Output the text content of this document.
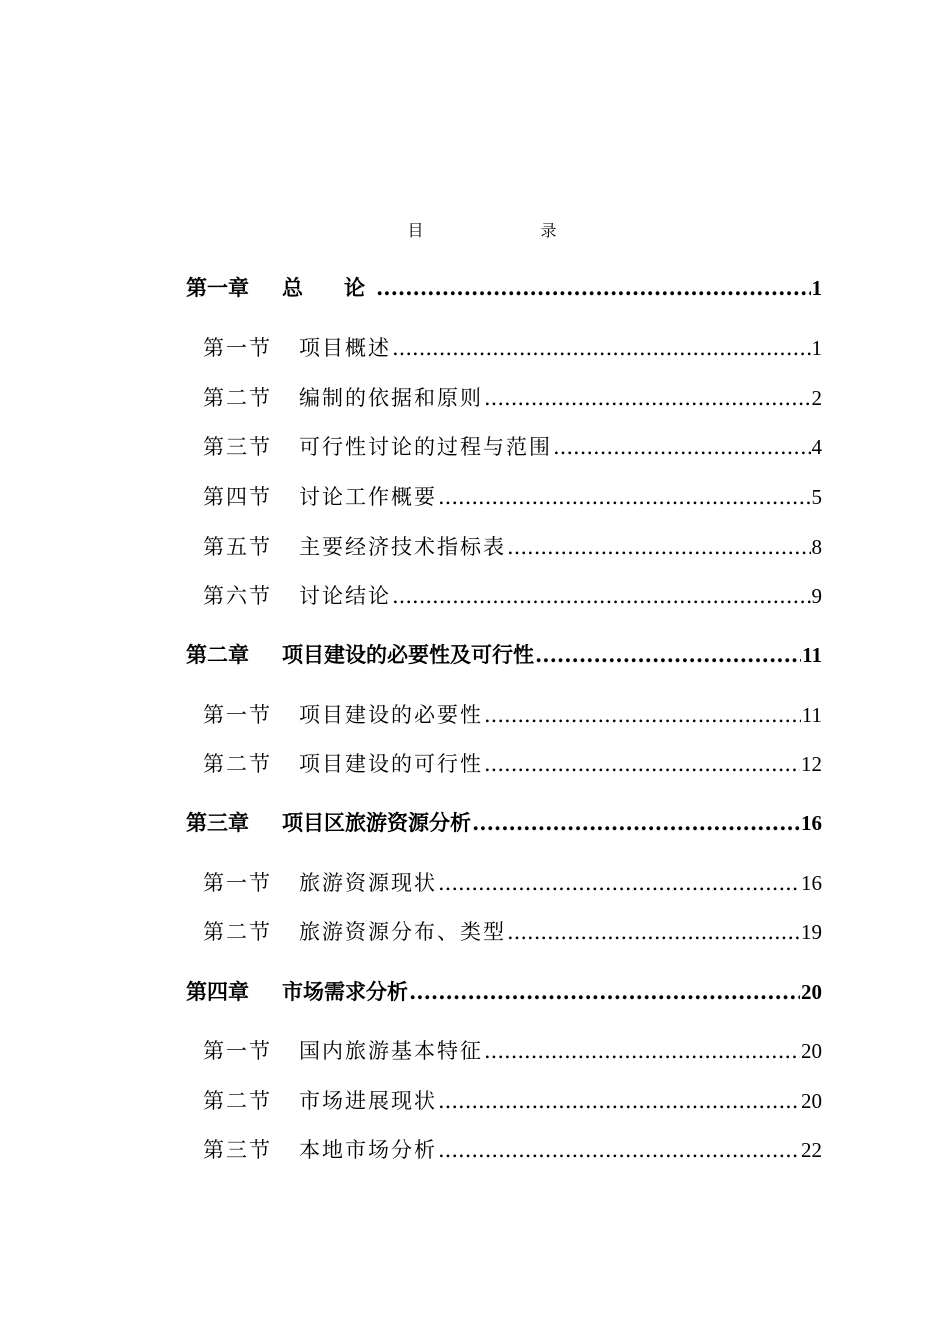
目 录
第一章	总　论 .....	1
第一节	项目概述 .....	1
第二节	编制的依据和原则 .....	2
第三节	可行性讨论的过程与范围 .....	4
第四节	讨论工作概要 .....	5
第五节	主要经济技术指标表 .....	8
第六节	讨论结论 .....	9
第二章	项目建设的必要性及可行性 .....	11
第一节	项目建设的必要性 .....	11
第二节	项目建设的可行性 .....	12
第三章	项目区旅游资源分析 .....	16
第一节	旅游资源现状 .....	16
第二节	旅游资源分布、类型 .....	19
第四章	市场需求分析 .....	20
第一节	国内旅游基本特征 .....	20
第二节	市场进展现状 .....	20
第三节	本地市场分析 .....	22
